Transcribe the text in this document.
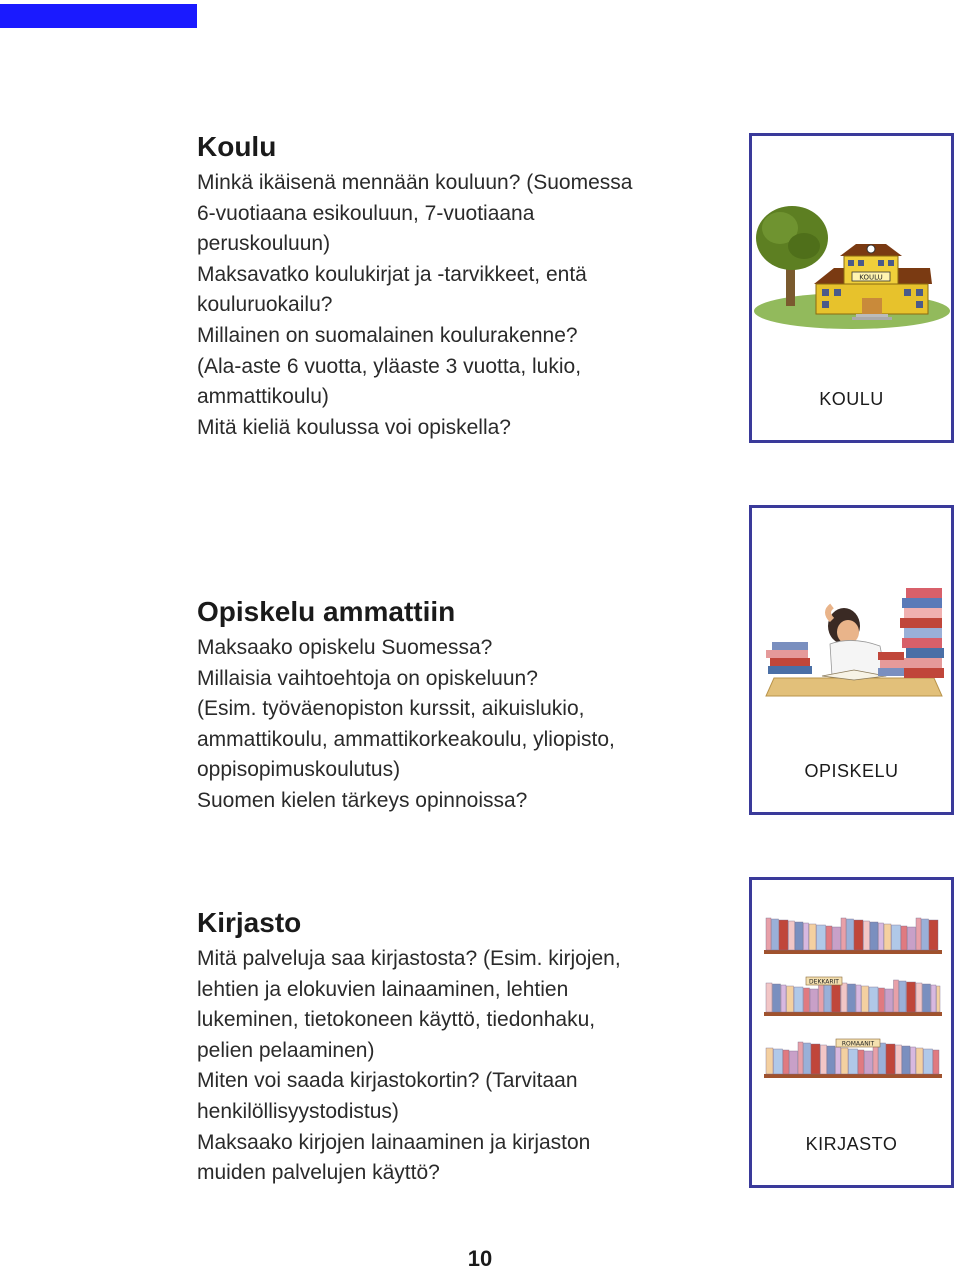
Koulu
Minkä ikäisenä mennään kouluun? (Suomessa
6-vuotiaana esikouluun, 7-vuotiaana
peruskouluun)
Maksavatko koulukirjat ja -tarvikkeet, entä
kouluruokailu?
Millainen on suomalainen koulurakenne?
(Ala-aste 6 vuotta, yläaste 3 vuotta, lukio,
ammattikoulu)
Mitä kieliä koulussa voi opiskella?
KOULU
KOULU
Opiskelu ammattiin
Maksaako opiskelu Suomessa?
Millaisia vaihtoehtoja on opiskeluun?
(Esim. työväenopiston kurssit, aikuislukio,
ammattikoulu, ammattikorkeakoulu, yliopisto,
oppisopimuskoulutus)
Suomen kielen tärkeys opinnoissa?
OPISKELU
Kirjasto
Mitä palveluja saa kirjastosta? (Esim. kirjojen,
lehtien ja elokuvien lainaaminen, lehtien
lukeminen, tietokoneen käyttö, tiedonhaku,
pelien pelaaminen)
Miten voi saada kirjastokortin? (Tarvitaan
henkilöllisyystodistus)
Maksaako kirjojen lainaaminen ja kirjaston
muiden palvelujen käyttö?
DEKKARIT
ROMAANIT
KIRJASTO
10
